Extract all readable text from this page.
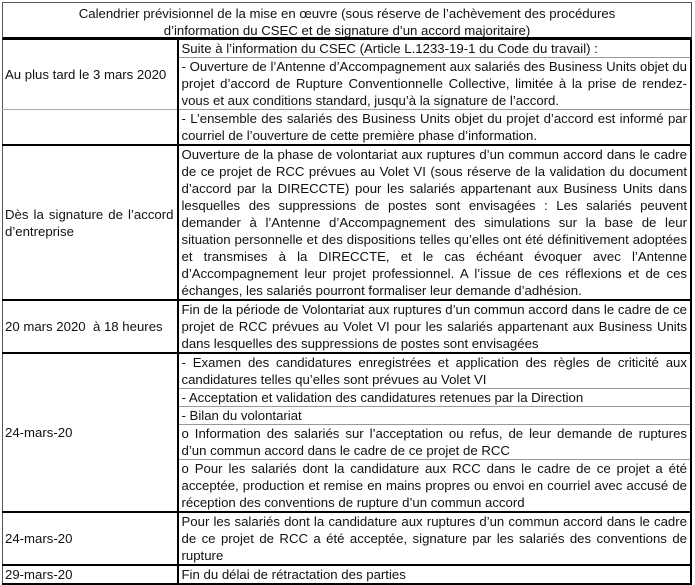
Calendrier prévisionnel de la mise en œuvre (sous réserve de l’achèvement des procédures
d’information du CSEC et de signature d’un accord majoritaire)
Au plus tard le 3 mars 2020	Suite à l’information du CSEC (Article L.1233-19-1 du Code du travail) :
	- Ouverture de l’Antenne d’Accompagnement aux salariés des Business Units objet du projet d’accord de Rupture Conventionnelle Collective, limitée à la prise de rendez-vous et aux conditions standard, jusqu’à la signature de l’accord.
	- L’ensemble des salariés des Business Units objet du projet d’accord est informé par courriel de l’ouverture de cette première phase d’information.
Dès la signature de l’accord d’entreprise	Ouverture de la phase de volontariat aux ruptures d’un commun accord dans le cadre de ce projet de RCC prévues au Volet VI (sous réserve de la validation du document d’accord par la DIRECCTE) pour les salariés appartenant aux Business Units dans lesquelles des suppressions de postes sont envisagées : Les salariés peuvent demander à l’Antenne d’Accompagnement des simulations sur la base de leur situation personnelle et des dispositions telles qu’elles ont été définitivement adoptées et transmises à la DIRECCTE, et le cas échéant évoquer avec l’Antenne d’Accompagnement leur projet professionnel. A l’issue de ces réflexions et de ces échanges, les salariés pourront formaliser leur demande d’adhésion.
20 mars 2020  à 18 heures	Fin de la période de Volontariat aux ruptures d’un commun accord dans le cadre de ce projet de RCC prévues au Volet VI pour les salariés appartenant aux Business Units dans lesquelles des suppressions de postes sont envisagées
24-mars-20	- Examen des candidatures enregistrées et application des règles de criticité aux candidatures telles qu’elles sont prévues au Volet VI
	- Acceptation et validation des candidatures retenues par la Direction
	- Bilan du volontariat
	o Information des salariés sur l’acceptation ou refus, de leur demande de ruptures d’un commun accord dans le cadre de ce projet de RCC
	o Pour les salariés dont la candidature aux RCC dans le cadre de ce projet a été acceptée, production et remise en mains propres ou envoi en courriel avec accusé de réception des conventions de rupture d’un commun accord
24-mars-20	Pour les salariés dont la candidature aux ruptures d’un commun accord dans le cadre de ce projet de RCC a été acceptée, signature par les salariés des conventions de rupture
29-mars-20	Fin du délai de rétractation des parties
